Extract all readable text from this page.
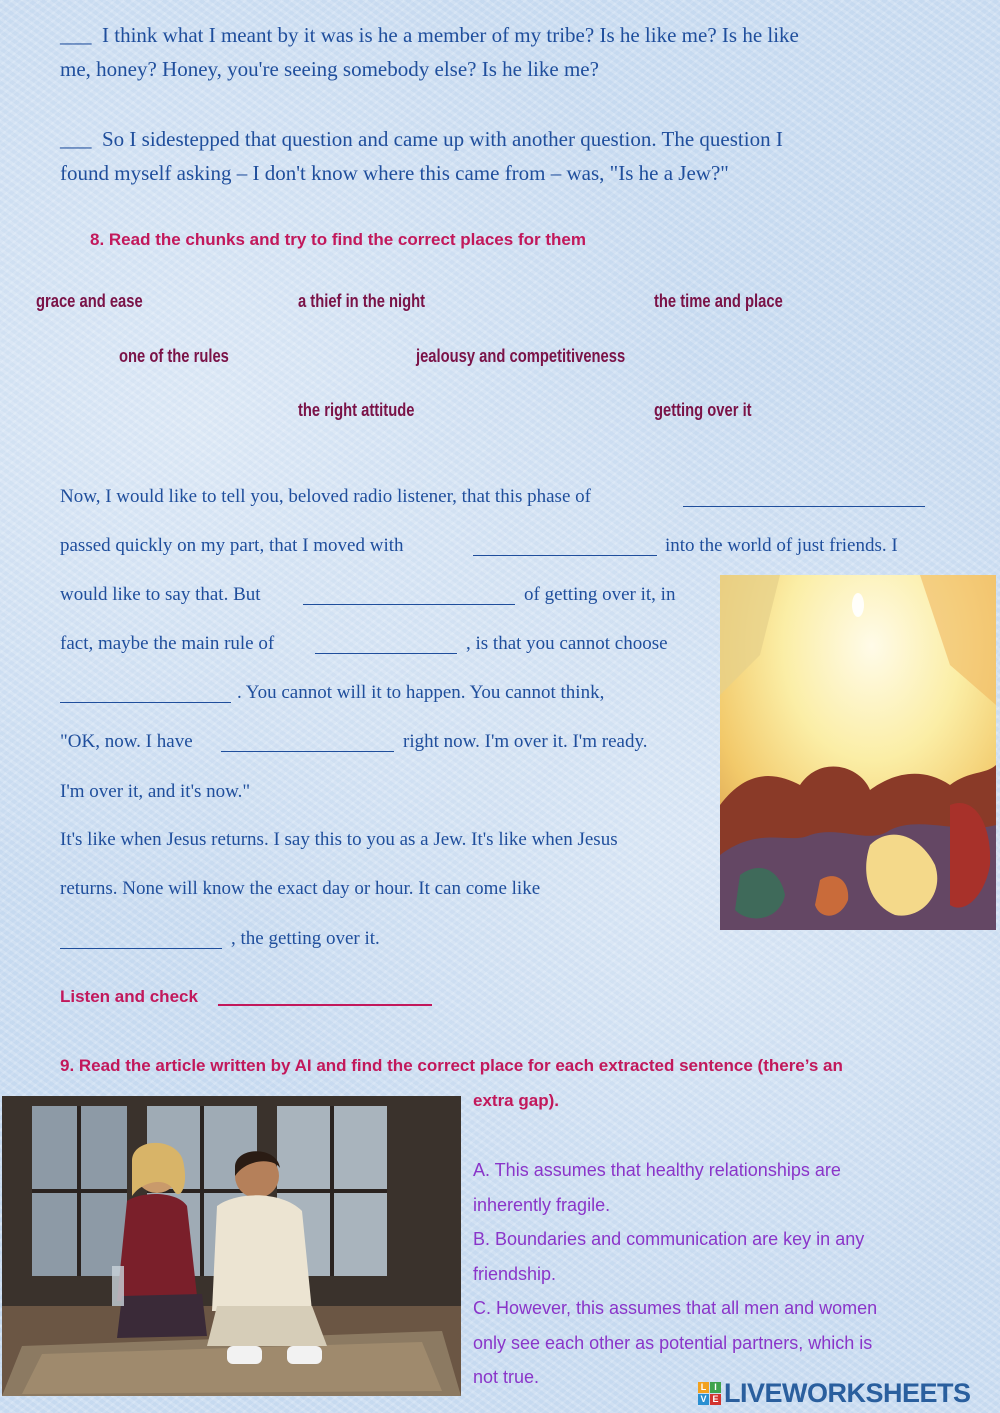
___ I think what I meant by it was is he a member of my tribe? Is he like me? Is he like
me, honey? Honey, you're seeing somebody else? Is he like me?
___ So I sidestepped that question and came up with another question. The question I
found myself asking – I don't know where this came from – was, "Is he a Jew?"
8. Read the chunks and try to find the correct places for them
grace and ease	a thief in the night	the time and place
one of the rules	jealousy and competitiveness
the right attitude	getting over it
Now, I would like to tell you, beloved radio listener, that this phase of
passed quickly on my part, that I moved with	into the world of just friends. I
would like to say that. But	of getting over it, in
fact, maybe the main rule of	, is that you cannot choose
. You cannot will it to happen. You cannot think,
"OK, now. I have	right now. I'm over it. I'm ready.
I'm over it, and it's now."
It's like when Jesus returns. I say this to you as a Jew. It's like when Jesus
returns. None will know the exact day or hour. It can come like
, the getting over it.
Listen and check
9. Read the article written by AI and find the correct place for each extracted sentence (there’s an
extra gap).
A. This assumes that healthy relationships are
inherently fragile.
B. Boundaries and communication are key in any
friendship.
C. However, this assumes that all men and women
only see each other as potential partners, which is
not true.	L I
V E LIVEWORKSHEETS
